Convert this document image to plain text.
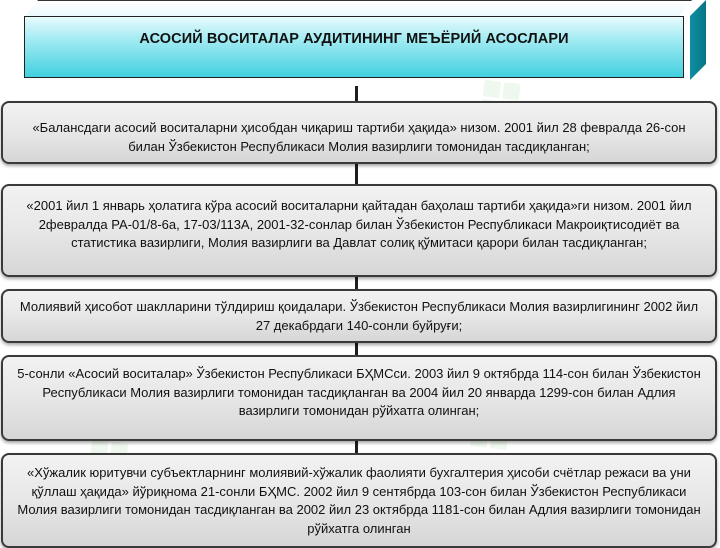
❖
АСОСИЙ ВОСИТАЛАР АУДИТИНИНГ МЕЪЁРИЙ АСОСЛАРИ

«Балансдаги асосий воситаларни ҳисобдан чиқариш тартиби ҳақида» низом. 2001 йил 28 февралда 26-сон билан Ўзбекистон Республикаси Молия вазирлиги томонидан тасдиқланган;

«2001 йил 1 январь ҳолатига кўра асосий воситаларни қайтадан баҳолаш тартиби ҳақида»ги низом. 2001 йил 2февралда РА-01/8-6а, 17-03/113А, 2001-32-сонлар билан Ўзбекистон Республикаси Макроиқтисодиёт ва статистика вазирлиги, Молия вазирлиги ва Давлат солиқ қўмитаси қарори билан тасдиқланган;

Молиявий ҳисобот шаклларини тўлдириш қоидалари. Ўзбекистон Республикаси Молия вазирлигининг 2002 йил 27 декабрдаги 140-сонли буйруғи;

5-сонли «Асосий воситалар» Ўзбекистон Республикаси БҲМСси. 2003 йил 9 октябрда 114-сон билан Ўзбекистон Республикаси Молия вазирлиги томонидан тасдиқланган ва 2004 йил 20 январда 1299-сон билан Адлия вазирлиги томонидан рўйхатга олинган;

«Хўжалик юритувчи субъектларнинг молиявий-хўжалик фаолияти бухгалтерия ҳисоби счётлар режаси ва уни қўллаш ҳақида» йўриқнома 21-сонли БҲМС. 2002 йил 9 сентябрда 103-сон билан Ўзбекистон Республикаси Молия вазирлиги томонидан тасдиқланган ва 2002 йил 23 октябрда 1181-сон билан Адлия вазирлиги томонидан рўйхатга олинган
